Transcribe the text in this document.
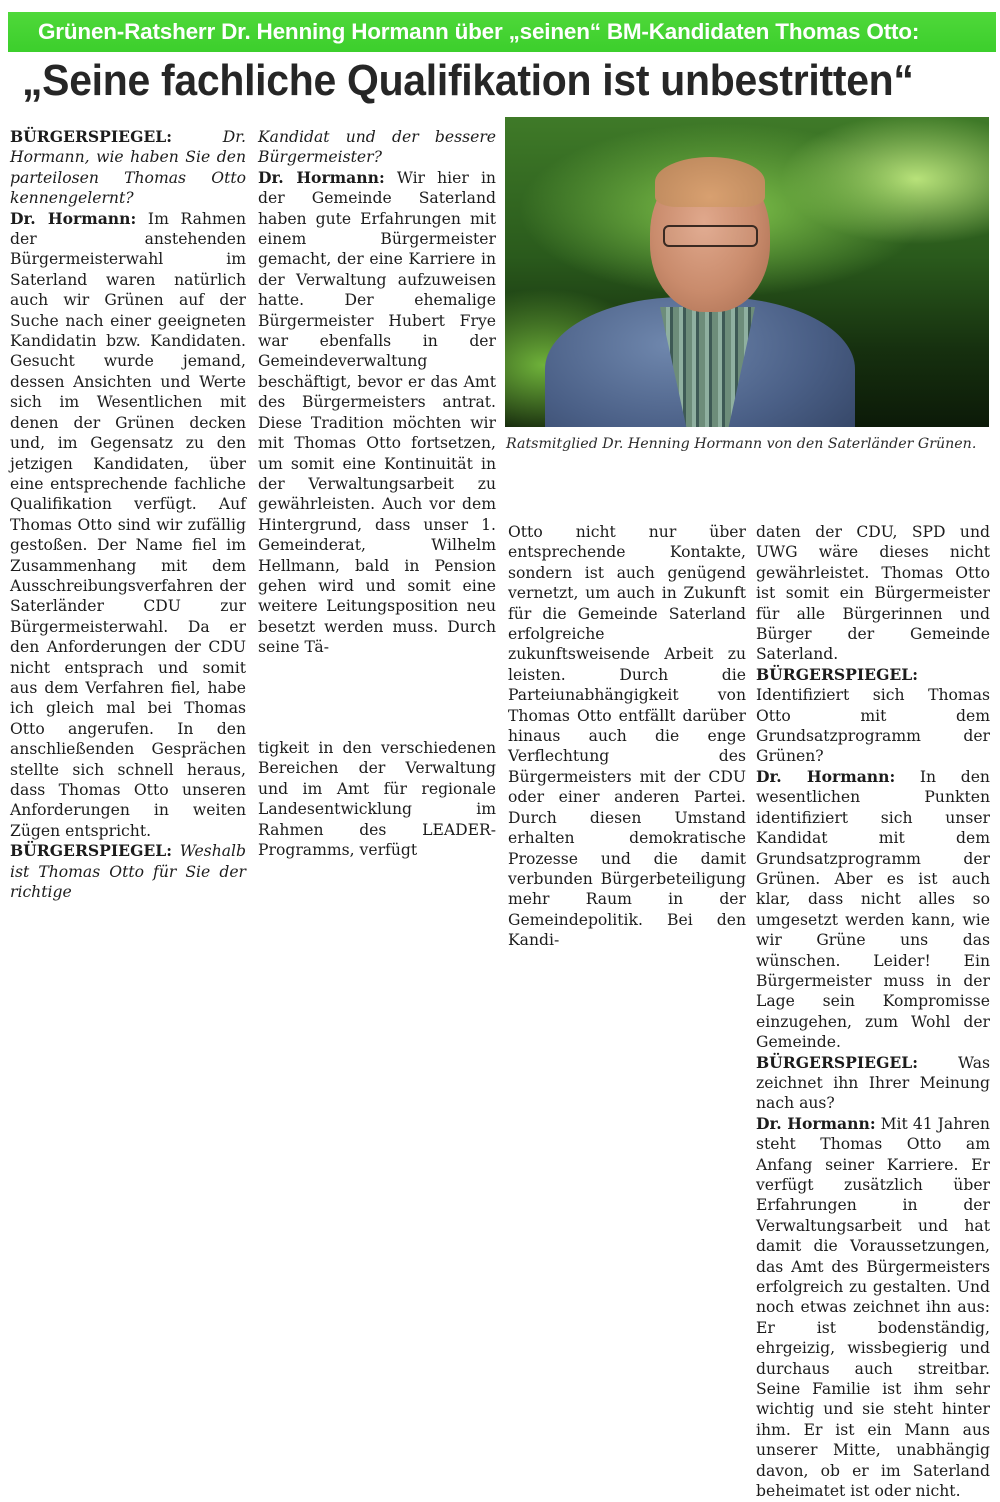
Grünen-Ratsherr Dr. Henning Hormann über „seinen“ BM-Kandidaten Thomas Otto:
„Seine fachliche Qualifikation ist unbestritten“

BÜRGERSPIEGEL:	Dr. Hormann, wie haben Sie den parteilosen Thomas Otto kennengelernt?

Dr. Hormann: Im Rahmen der anstehenden Bürgermeisterwahl im Saterland waren natürlich auch wir Grünen auf der Suche nach einer geeigneten Kandidatin bzw. Kandidaten. Gesucht wurde jemand, dessen Ansichten und Werte sich im Wesentlichen mit denen der Grünen decken und, im Gegensatz zu den jetzigen Kandidaten, über eine entsprechende fachliche Qualifikation verfügt. Auf Thomas Otto sind wir zufällig gestoßen. Der Name fiel im Zusammenhang mit dem Ausschreibungsverfahren der Saterländer CDU zur Bürgermeisterwahl. Da er den Anforderungen der CDU nicht entsprach und somit aus dem Verfahren fiel, habe ich gleich mal bei Thomas Otto angerufen. In den anschließenden Gesprächen stellte sich schnell heraus, dass Thomas Otto unseren Anforderungen in weiten Zügen entspricht.

BÜRGERSPIEGEL: Weshalb ist Thomas Otto für Sie der richtige

Kandidat und der bessere Bürgermeister?

Dr. Hormann: Wir hier in der Gemeinde Saterland haben gute Erfahrungen mit einem Bürgermeister gemacht, der eine Karriere in der Verwaltung aufzuweisen hatte. Der ehemalige Bürgermeister Hubert Frye war ebenfalls in der Gemeindeverwaltung beschäftigt, bevor er das Amt des Bürgermeisters antrat. Diese Tradition möchten wir mit Thomas Otto fortsetzen, um somit eine Kontinuität in der Verwaltungsarbeit zu gewährleisten. Auch vor dem Hintergrund, dass unser 1. Gemeinderat, Wilhelm Hellmann, bald in Pension gehen wird und somit eine weitere Leitungsposition neu besetzt werden muss. Durch seine Tä-

tigkeit in den verschiedenen Bereichen der Verwaltung und im Amt für regionale Landesentwicklung im Rahmen des LEADER-Programms, verfügt

Ratsmitglied Dr. Henning Hormann von den Saterländer Grünen.

Otto nicht nur über entsprechende Kontakte, sondern ist auch genügend vernetzt, um auch in Zukunft für die Gemeinde Saterland erfolgreiche zukunftsweisende Arbeit zu leisten. Durch die Parteiunabhängigkeit von Thomas Otto entfällt darüber hinaus auch die enge Verflechtung des Bürgermeisters mit der CDU oder einer anderen Partei. Durch diesen Umstand erhalten demokratische Prozesse und die damit verbunden Bürgerbeteiligung mehr Raum in der Gemeindepolitik. Bei den Kandi-

daten der CDU, SPD und UWG wäre dieses nicht gewährleistet. Thomas Otto ist somit ein Bürgermeister für alle Bürgerinnen und Bürger der Gemeinde Saterland.

BÜRGERSPIEGEL: Identifiziert sich Thomas Otto mit dem Grundsatzprogramm der Grünen?

Dr. Hormann: In den wesentlichen Punkten identifiziert sich unser Kandidat mit dem Grundsatzprogramm der Grünen. Aber es ist auch klar, dass nicht alles so umgesetzt werden kann, wie wir Grüne uns das wünschen. Leider! Ein Bürgermeister muss in der Lage sein Kompromisse einzugehen, zum Wohl der Gemeinde.

BÜRGERSPIEGEL:	Was zeichnet ihn Ihrer Meinung nach aus?

Dr. Hormann: Mit 41 Jahren steht Thomas Otto am Anfang seiner Karriere. Er verfügt zusätzlich über Erfahrungen in der Verwaltungsarbeit und hat damit die Voraussetzungen, das Amt des Bürgermeisters erfolgreich zu gestalten. Und noch etwas zeichnet ihn aus: Er ist bodenständig, ehrgeizig, wissbegierig und durchaus auch streitbar. Seine Familie ist ihm sehr wichtig und sie steht hinter ihm. Er ist ein Mann aus unserer Mitte, unabhängig davon, ob er im Saterland beheimatet ist oder nicht.
